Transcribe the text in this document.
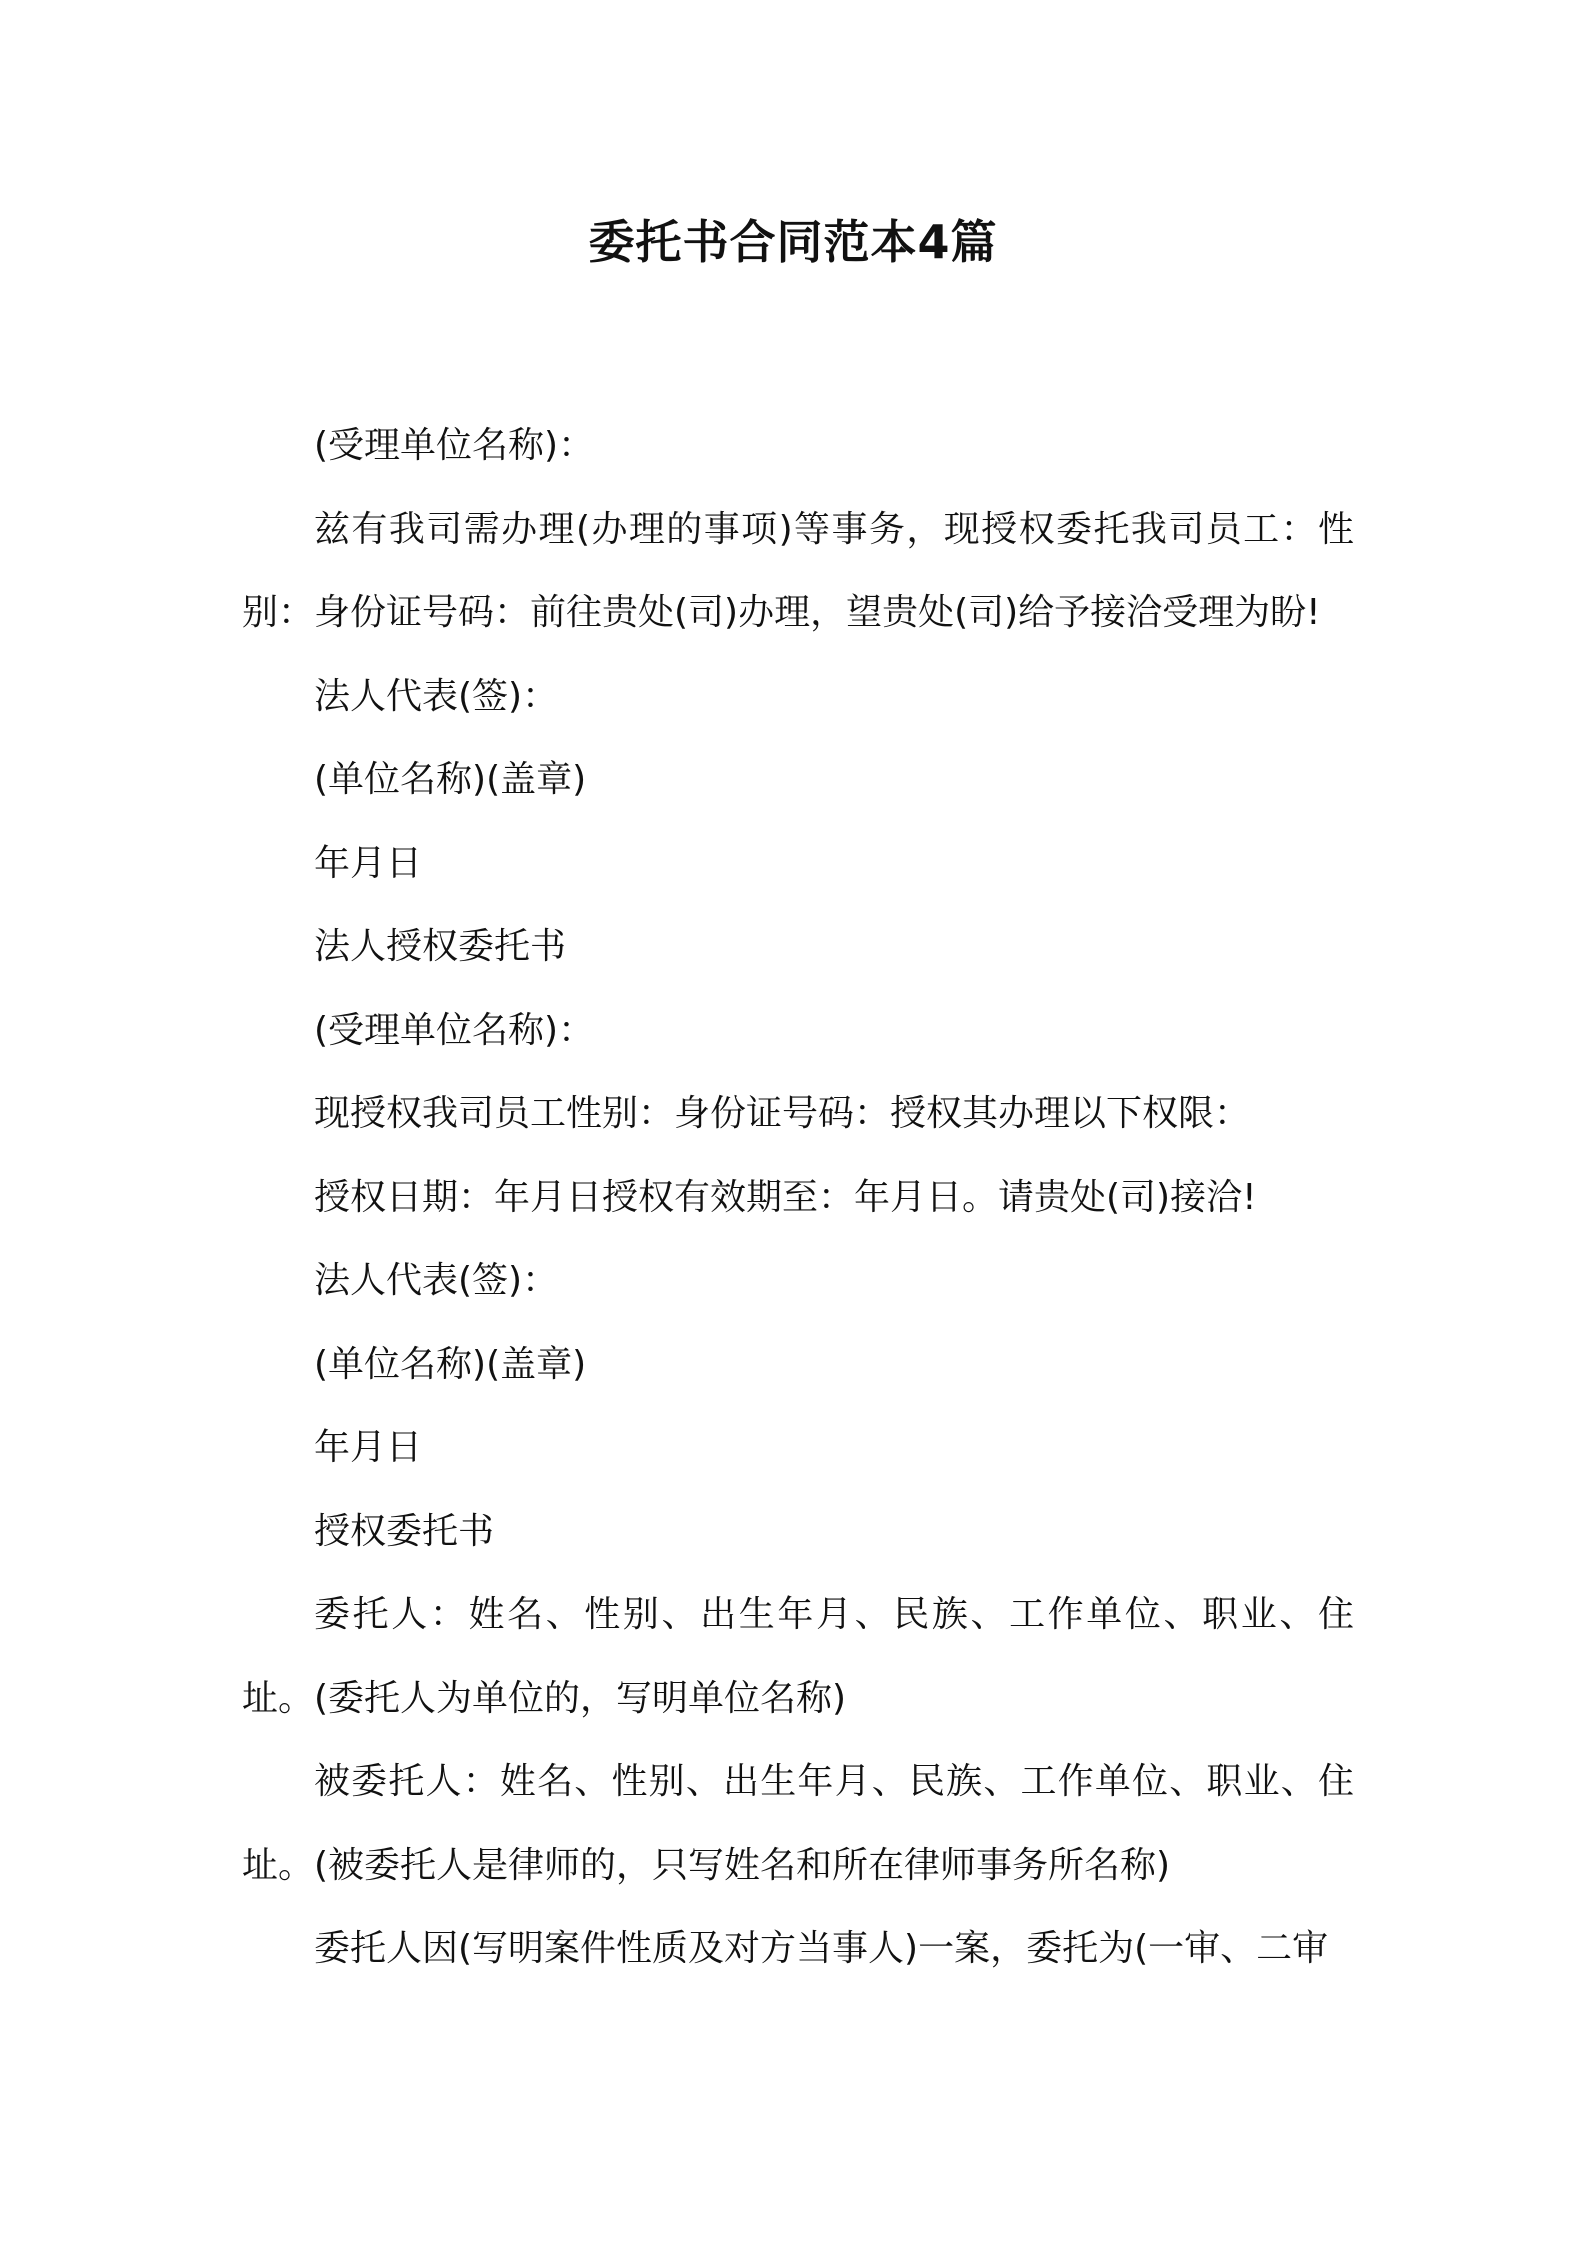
委托书合同范本4篇

(受理单位名称)：

兹有我司需办理(办理的事项)等事务，现授权委托我司员工：性别：身份证号码：前往贵处(司)办理，望贵处(司)给予接洽受理为盼!

法人代表(签)：

(单位名称)(盖章)

年月日

法人授权委托书

(受理单位名称)：

现授权我司员工性别：身份证号码：授权其办理以下权限：

授权日期：年月日授权有效期至：年月日。请贵处(司)接洽!

法人代表(签)：

(单位名称)(盖章)

年月日

授权委托书

委托人：姓名、性别、出生年月、民族、工作单位、职业、住址。(委托人为单位的，写明单位名称)

被委托人：姓名、性别、出生年月、民族、工作单位、职业、住址。(被委托人是律师的，只写姓名和所在律师事务所名称)

委托人因(写明案件性质及对方当事人)一案，委托为(一审、二审
